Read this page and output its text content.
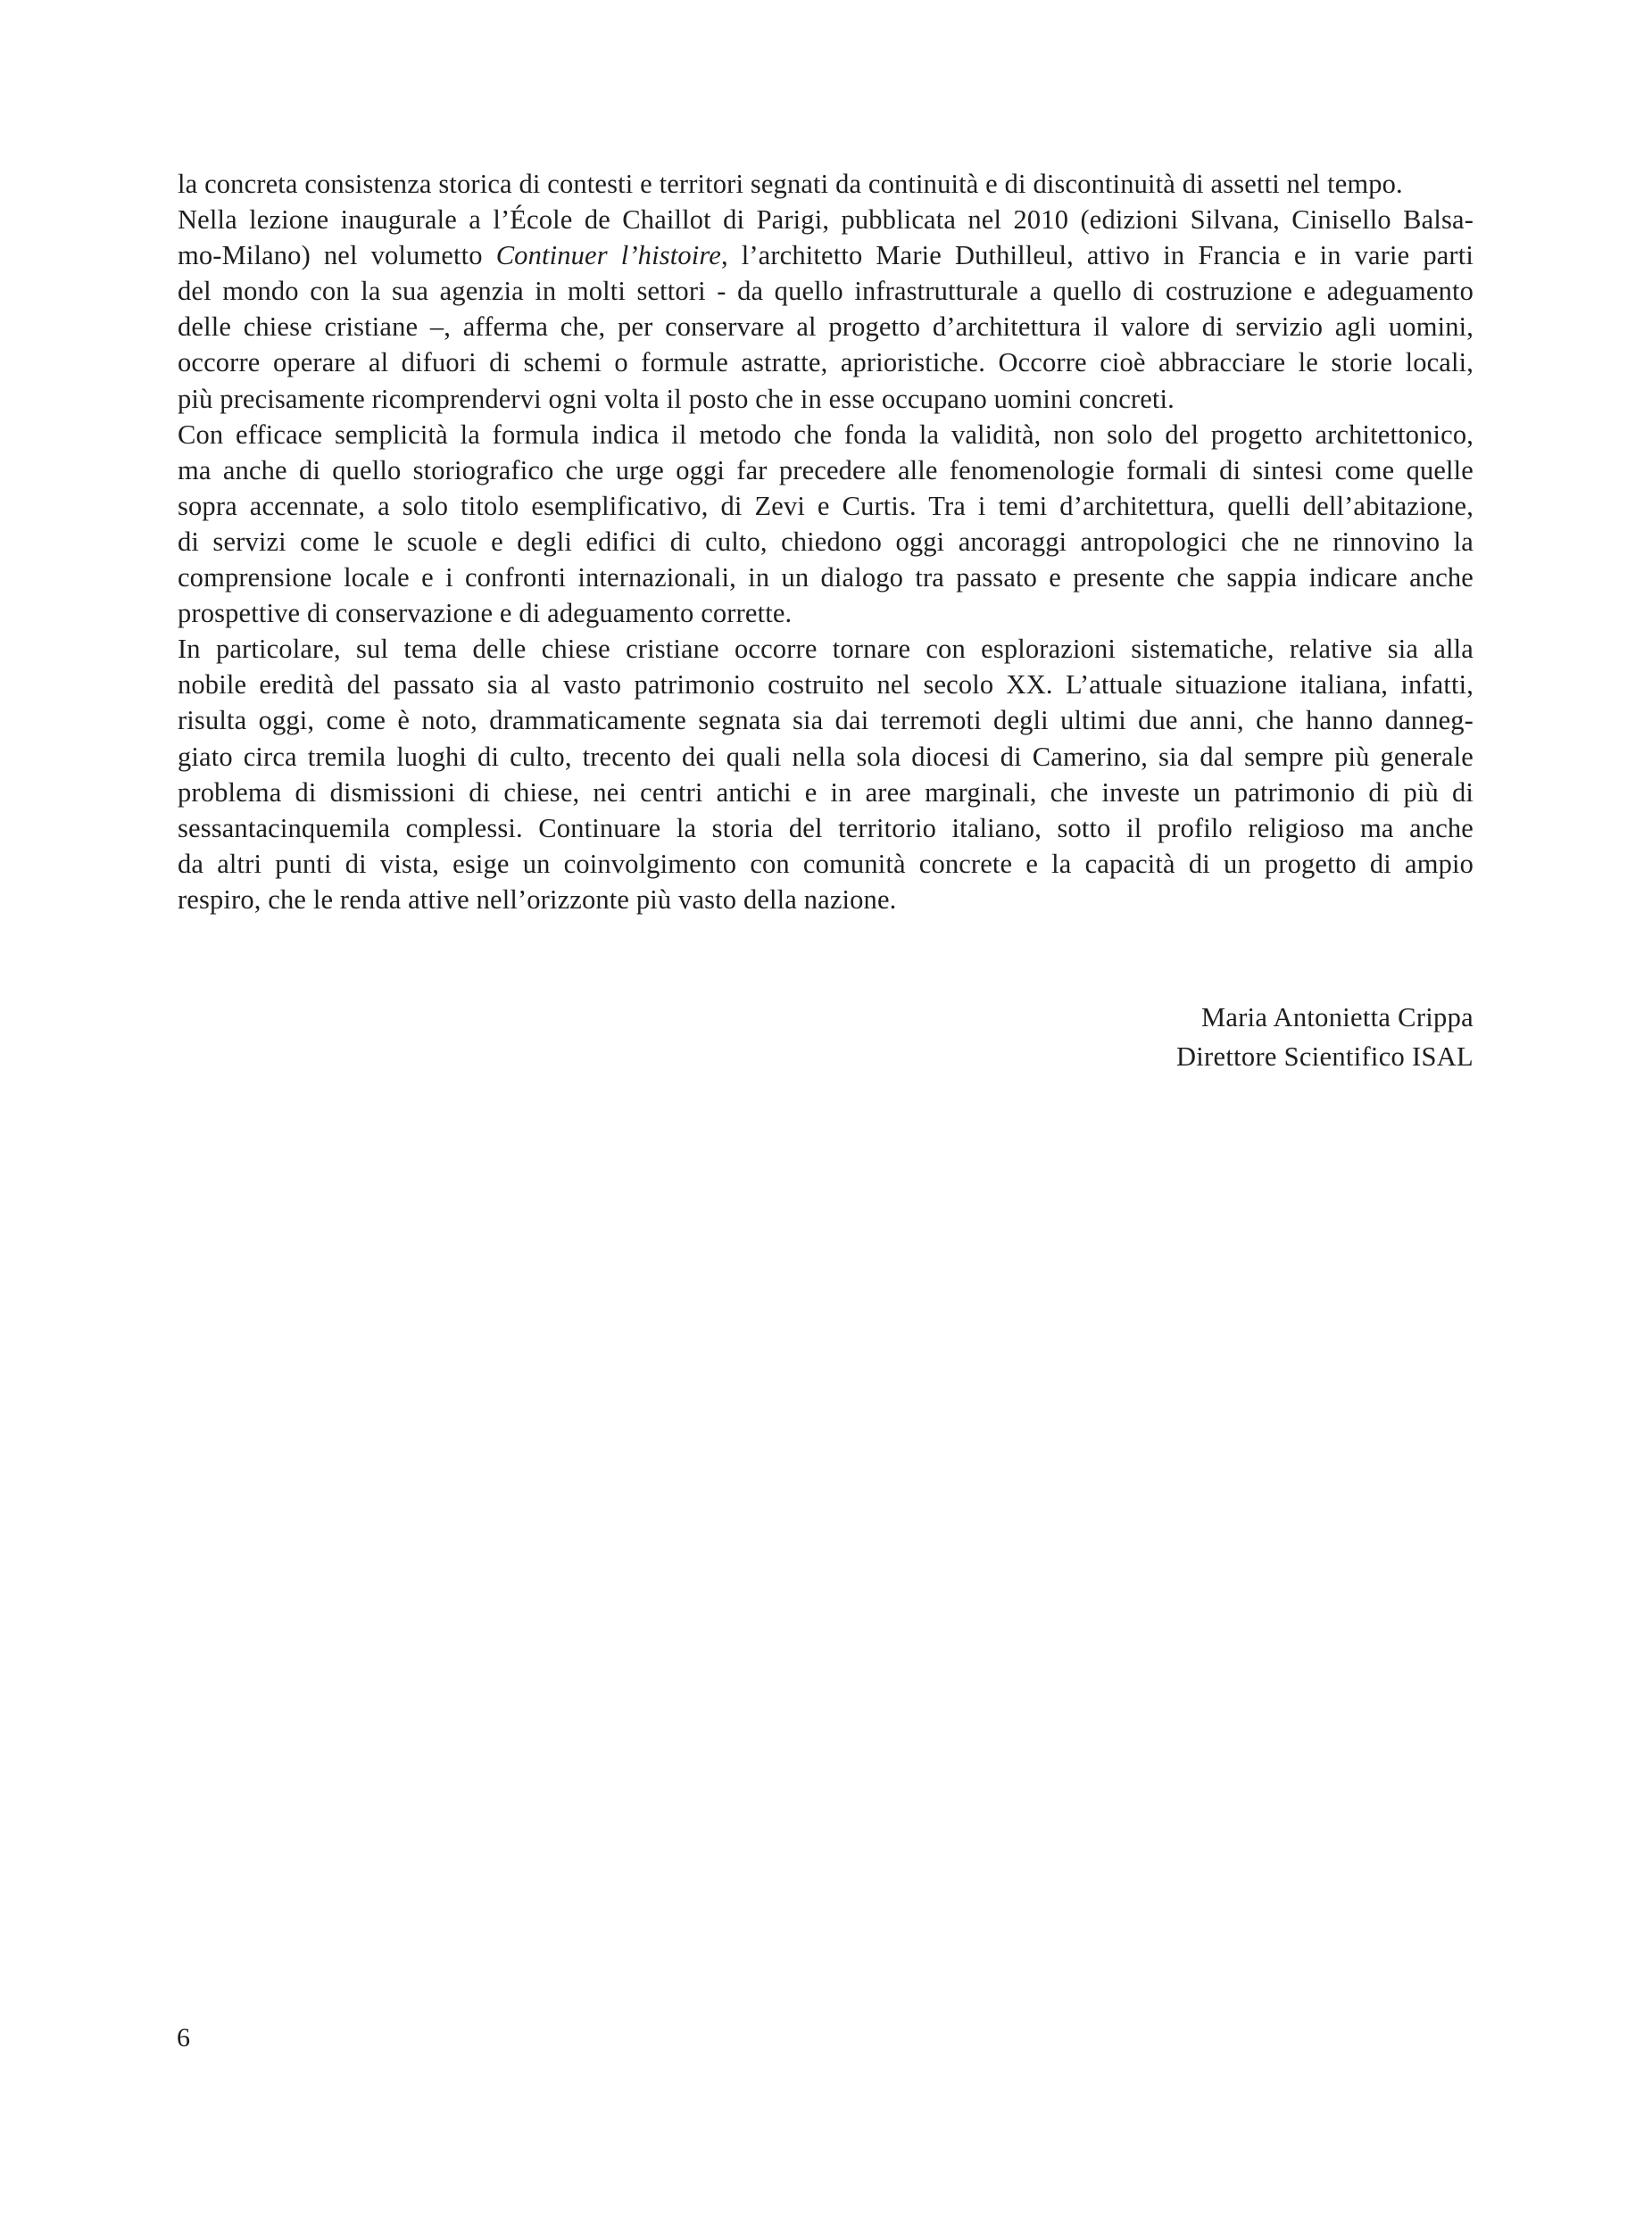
la concreta consistenza storica di contesti e territori segnati da continuità e di discontinuità di assetti nel tempo.

Nella lezione inaugurale a l’École de Chaillot di Parigi, pubblicata nel 2010 (edizioni Silvana, Cinisello Balsa-
mo-Milano) nel volumetto Continuer l’histoire, l’architetto Marie Duthilleul, attivo in Francia e in varie parti
del mondo con la sua agenzia in molti settori - da quello infrastrutturale a quello di costruzione e adeguamento
delle chiese cristiane –, afferma che, per conservare al progetto d’architettura il valore di servizio agli uomini,
occorre operare al difuori di schemi o formule astratte, aprioristiche. Occorre cioè abbracciare le storie locali,
più precisamente ricomprendervi ogni volta il posto che in esse occupano uomini concreti.

Con efficace semplicità la formula indica il metodo che fonda la validità, non solo del progetto architettonico,
ma anche di quello storiografico che urge oggi far precedere alle fenomenologie formali di sintesi come quelle
sopra accennate, a solo titolo esemplificativo, di Zevi e Curtis. Tra i temi d’architettura, quelli dell’abitazione,
di servizi come le scuole e degli edifici di culto, chiedono oggi ancoraggi antropologici che ne rinnovino la
comprensione locale e i confronti internazionali, in un dialogo tra passato e presente che sappia indicare anche
prospettive di conservazione e di adeguamento corrette.

In particolare, sul tema delle chiese cristiane occorre tornare con esplorazioni sistematiche, relative sia alla
nobile eredità del passato sia al vasto patrimonio costruito nel secolo XX. L’attuale situazione italiana, infatti,
risulta oggi, come è noto, drammaticamente segnata sia dai terremoti degli ultimi due anni, che hanno danneg-
giato circa tremila luoghi di culto, trecento dei quali nella sola diocesi di Camerino, sia dal sempre più generale
problema di dismissioni di chiese, nei centri antichi e in aree marginali, che investe un patrimonio di più di
sessantacinquemila complessi. Continuare la storia del territorio italiano, sotto il profilo religioso ma anche
da altri punti di vista, esige un coinvolgimento con comunità concrete e la capacità di un progetto di ampio
respiro, che le renda attive nell’orizzonte più vasto della nazione.

Maria Antonietta Crippa
Direttore Scientifico ISAL
6
